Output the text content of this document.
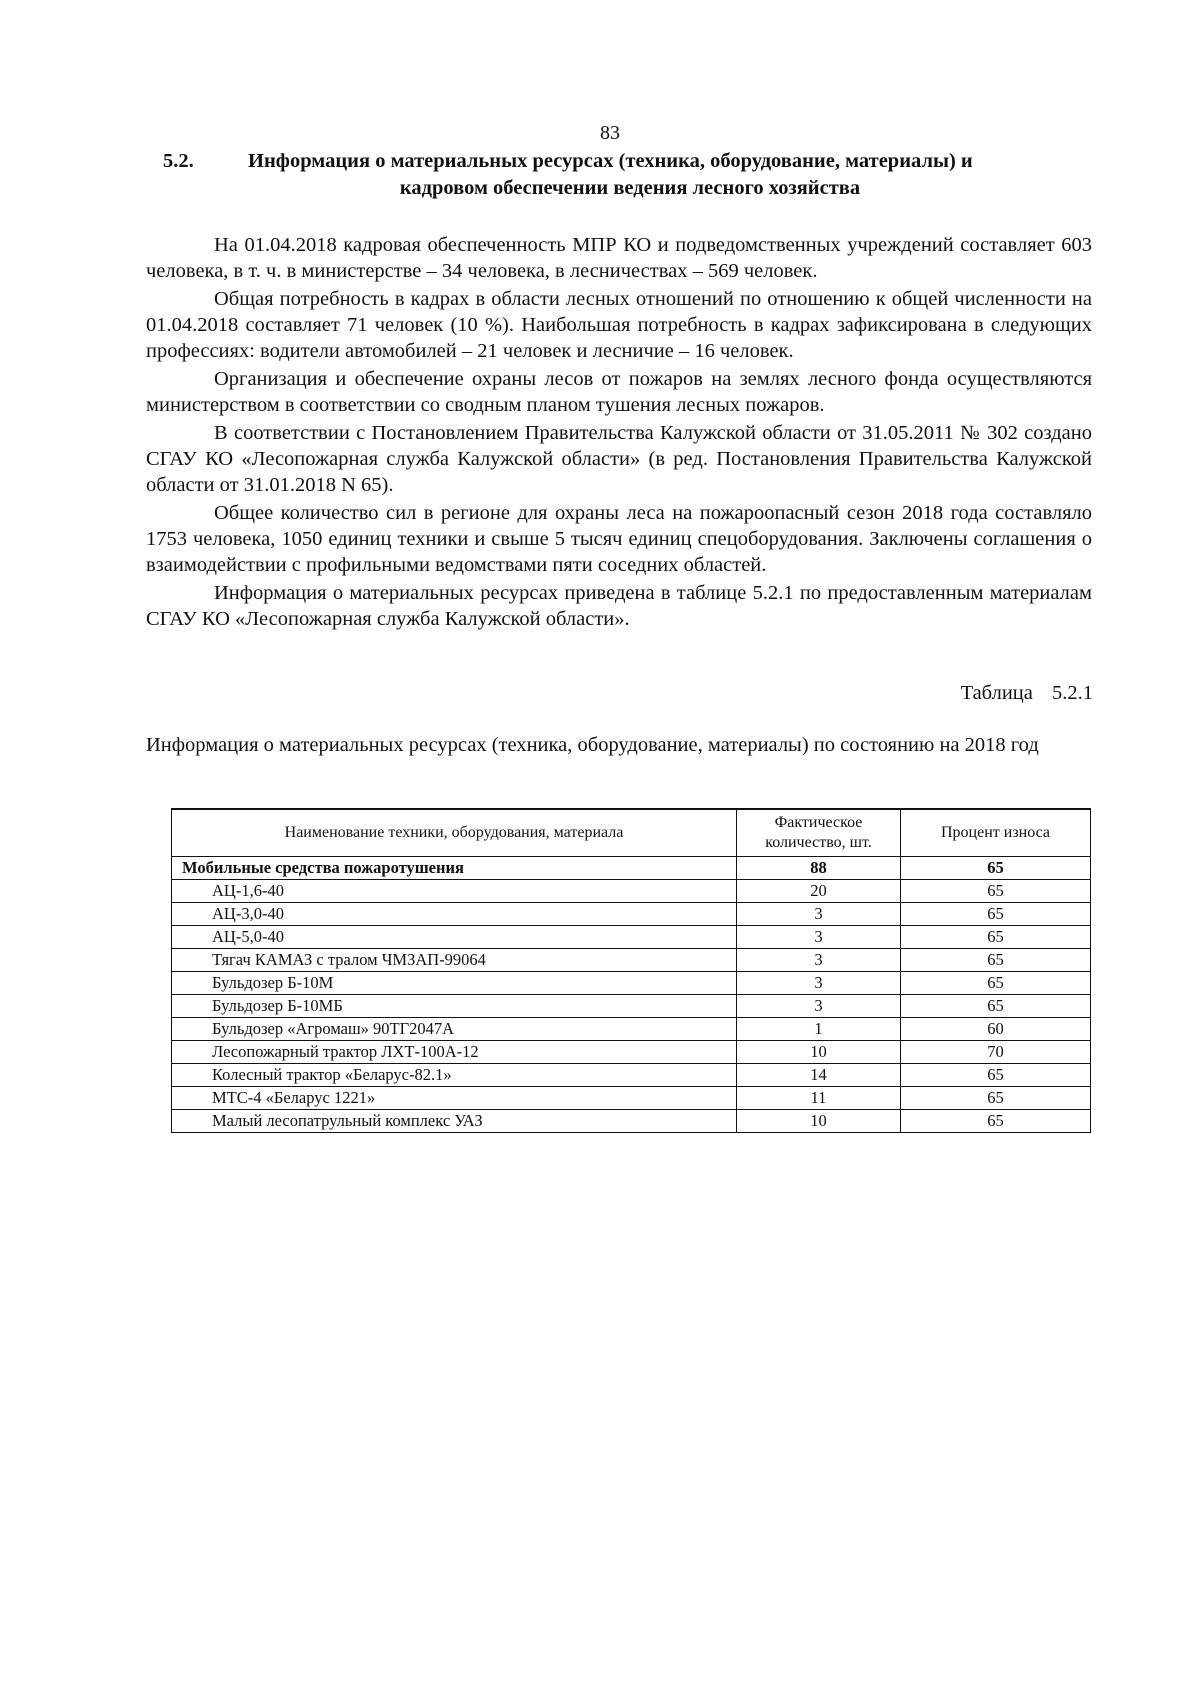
83
5.2.	Информация о материальных ресурсах (техника, оборудование, материалы) и
кадровом обеспечении ведения лесного хозяйства

На 01.04.2018 кадровая обеспеченность МПР КО и подведомственных учреждений составляет 603 человека, в т. ч. в министерстве – 34 человека, в лесничествах – 569 человек.

Общая потребность в кадрах в области лесных отношений по отношению к общей численности на 01.04.2018 составляет 71 человек (10 %). Наибольшая потребность в кадрах зафиксирована в следующих профессиях: водители автомобилей – 21 человек и лесничие – 16 человек.

Организация и обеспечение охраны лесов от пожаров на землях лесного фонда осуществляются министерством в соответствии со сводным планом тушения лесных пожаров.

В соответствии с Постановлением Правительства Калужской области от 31.05.2011 № 302 создано СГАУ КО «Лесопожарная служба Калужской области» (в ред. Постановления Правительства Калужской области от 31.01.2018 N 65).

Общее количество сил в регионе для охраны леса на пожароопасный сезон 2018 года составляло 1753 человека, 1050 единиц техники и свыше 5 тысяч единиц спецоборудования. Заключены соглашения о взаимодействии с профильными ведомствами пяти соседних областей.

Информация о материальных ресурсах приведена в таблице 5.2.1 по предоставленным материалам СГАУ КО «Лесопожарная служба Калужской области».

Таблица 5.2.1
Информация о материальных ресурсах (техника, оборудование, материалы) по состоянию на 2018 год
Наименование техники, оборудования, материала	Фактическое количество, шт.	Процент износа
Мобильные средства пожаротушения	88	65
АЦ-1,6-40	20	65
АЦ-3,0-40	3	65
АЦ-5,0-40	3	65
Тягач КАМАЗ с тралом ЧМЗАП-99064	3	65
Бульдозер Б-10М	3	65
Бульдозер Б-10МБ	3	65
Бульдозер «Агромаш» 90ТГ2047А	1	60
Лесопожарный трактор ЛХТ-100А-12	10	70
Колесный трактор «Беларус-82.1»	14	65
МТС-4 «Беларус 1221»	11	65
Малый лесопатрульный комплекс УАЗ	10	65
